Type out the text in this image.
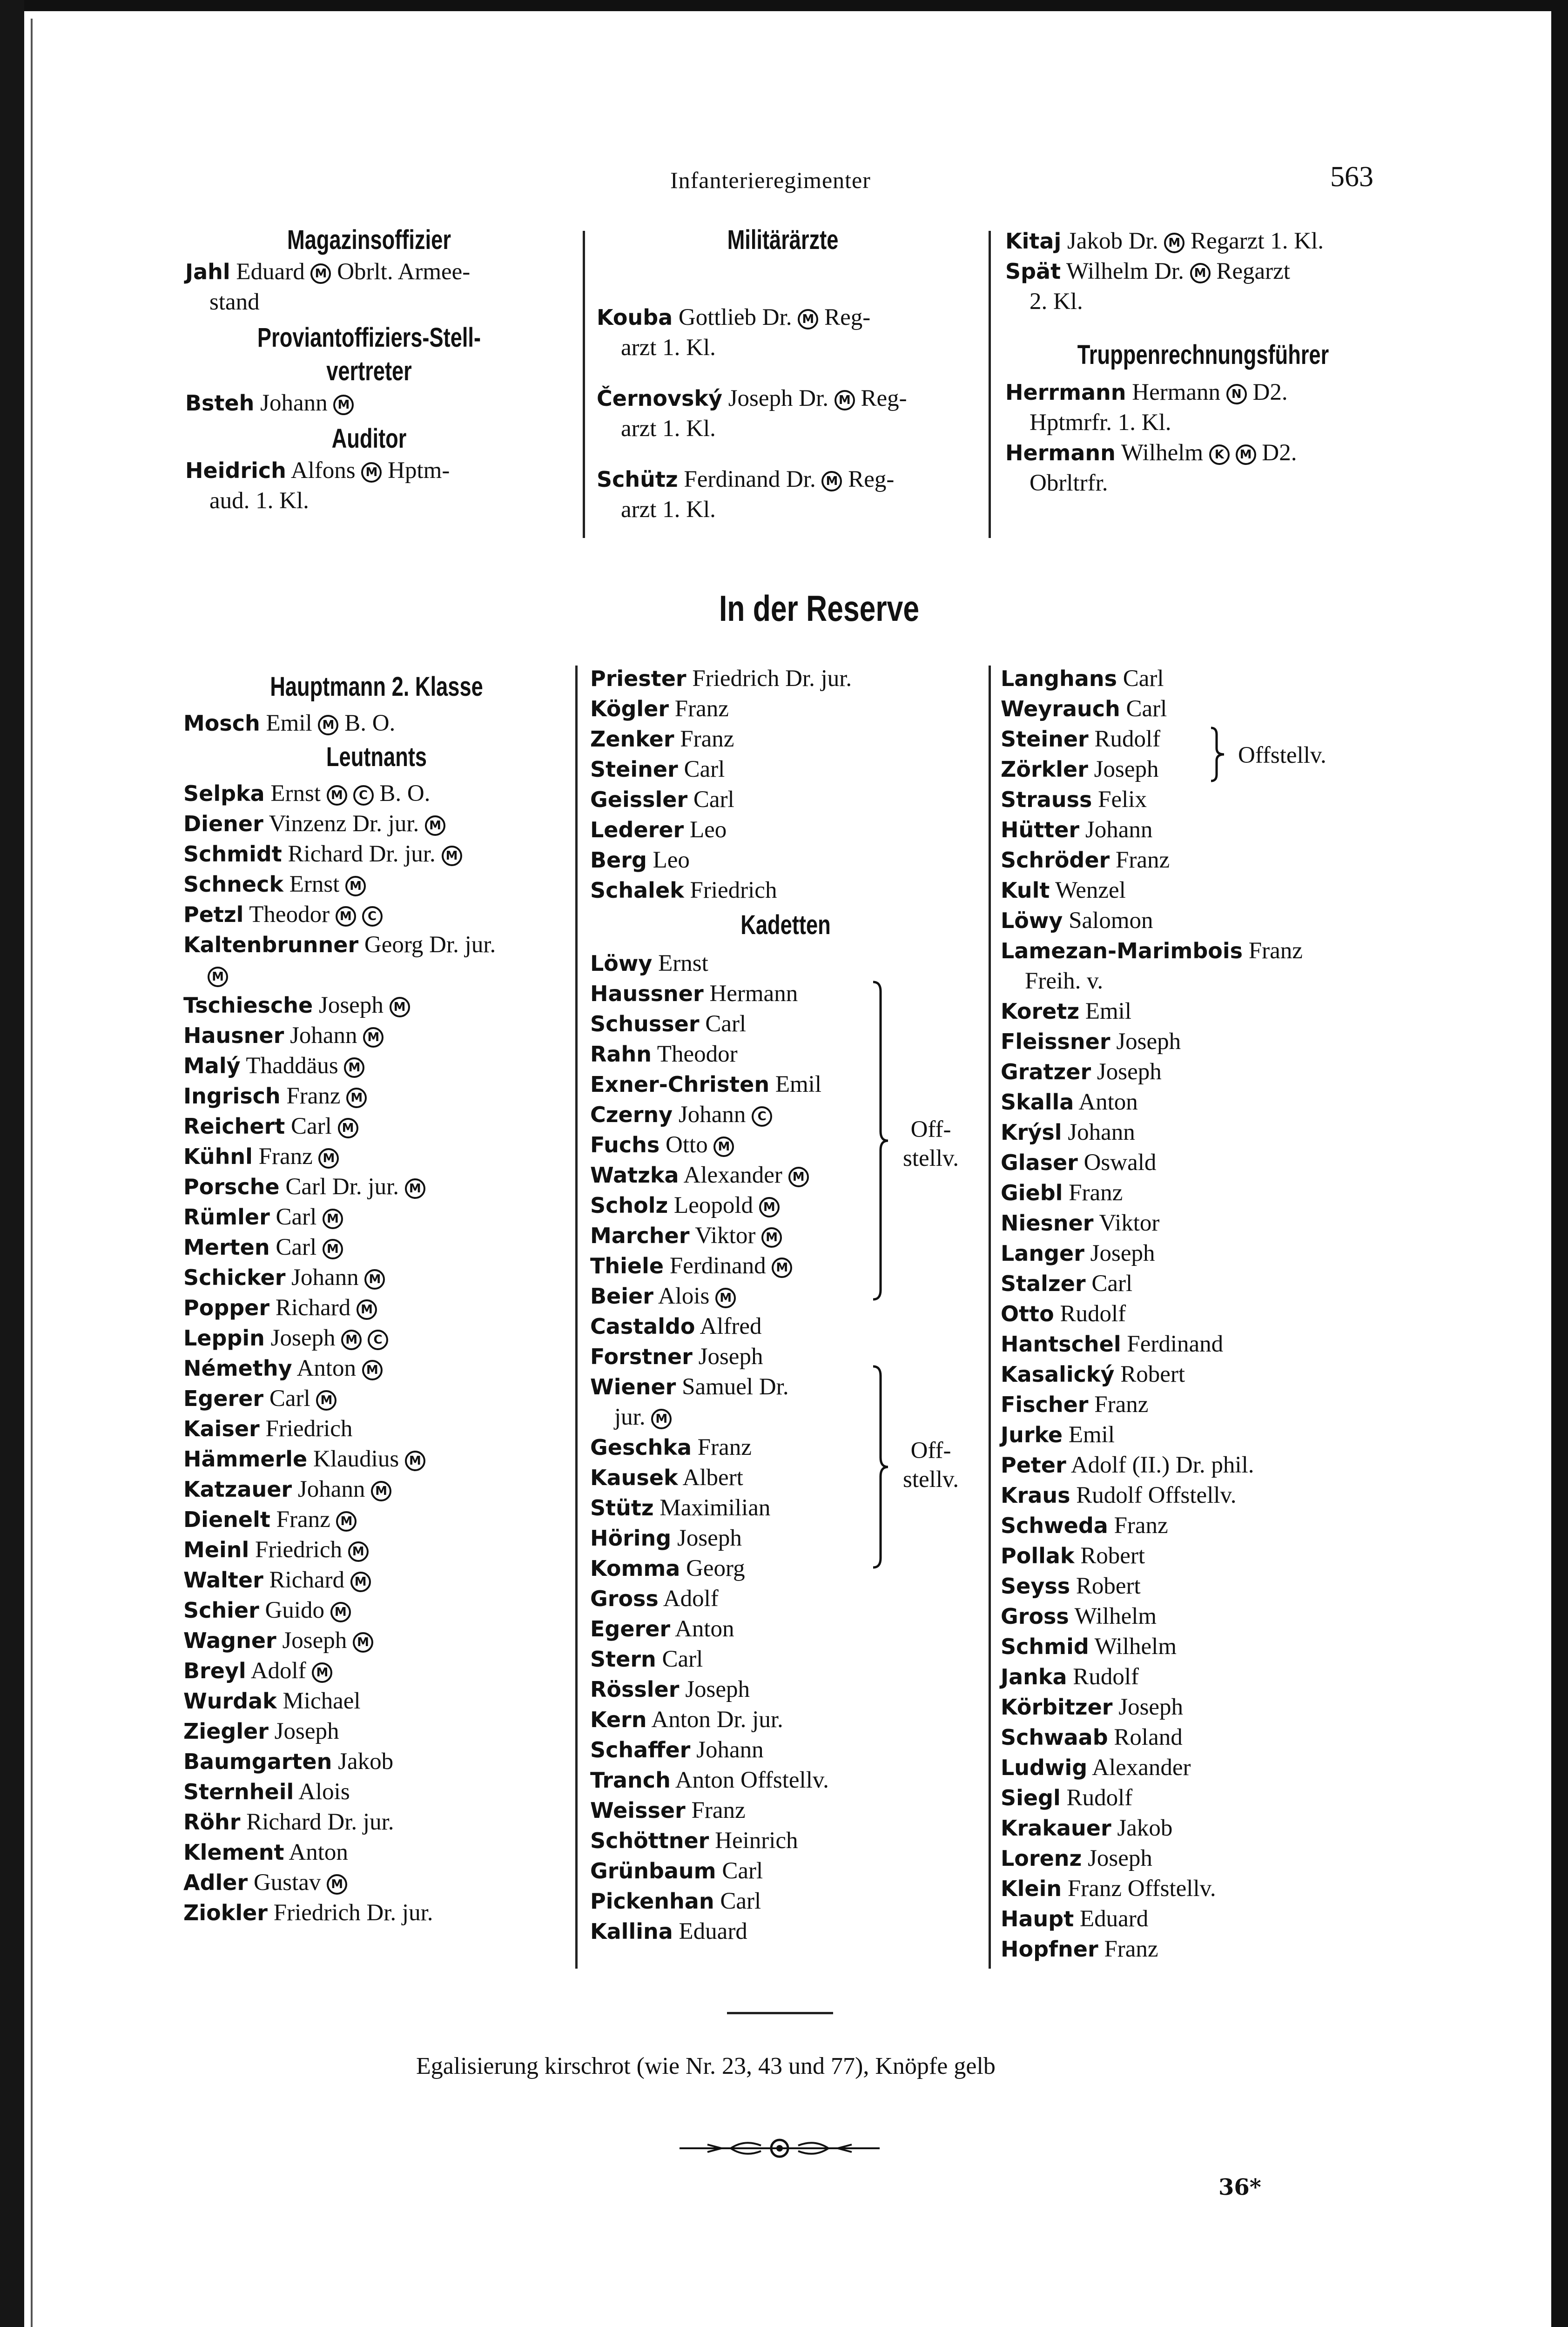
Infanterieregimenter	563
Magazinsoffizier

Jahl Eduard M Obrlt. Armee-

stand

Proviantoffiziers-Stell-
vertreter

Bsteh Johann M

Auditor

Heidrich Alfons M Hptm-

aud. 1. Kl.

Militärärzte

Kouba Gottlieb Dr. M Reg-

arzt 1. Kl.

Černovský Joseph Dr. M Reg-

arzt 1. Kl.

Schütz Ferdinand Dr. M Reg-

arzt 1. Kl.

Kitaj Jakob Dr. M Regarzt 1. Kl.

Spät Wilhelm Dr. M Regarzt

2. Kl.

Truppenrechnungsführer

Herrmann Hermann N D2.

Hptmrfr. 1. Kl.

Hermann Wilhelm K M D2.

Obrltrfr.

In der Reserve
Hauptmann 2. Klasse

Mosch Emil M B. O.

Leutnants

Selpka Ernst M C B. O.

Diener Vinzenz Dr. jur. M

Schmidt Richard Dr. jur. M

Schneck Ernst M

Petzl Theodor M C

Kaltenbrunner Georg Dr. jur.

M

Tschiesche Joseph M

Hausner Johann M

Malý Thaddäus M

Ingrisch Franz M

Reichert Carl M

Kühnl Franz M

Porsche Carl Dr. jur. M

Rümler Carl M

Merten Carl M

Schicker Johann M

Popper Richard M

Leppin Joseph M C

Némethy Anton M

Egerer Carl M

Kaiser Friedrich

Hämmerle Klaudius M

Katzauer Johann M

Dienelt Franz M

Meinl Friedrich M

Walter Richard M

Schier Guido M

Wagner Joseph M

Breyl Adolf M

Wurdak Michael

Ziegler Joseph

Baumgarten Jakob

Sternheil Alois

Röhr Richard Dr. jur.

Klement Anton

Adler Gustav M

Ziokler Friedrich Dr. jur.

Priester Friedrich Dr. jur.

Kögler Franz

Zenker Franz

Steiner Carl

Geissler Carl

Lederer Leo

Berg Leo

Schalek Friedrich

Kadetten

Löwy Ernst

Haussner Hermann

Schusser Carl

Rahn Theodor

Exner-Christen Emil

Czerny Johann C

Fuchs Otto M

Watzka Alexander M

Scholz Leopold M

Marcher Viktor M

Thiele Ferdinand M

Beier Alois M

Castaldo Alfred

Forstner Joseph

Wiener Samuel Dr.

jur. M

Geschka Franz

Kausek Albert

Stütz Maximilian

Höring Joseph

Komma Georg

Gross Adolf

Egerer Anton

Stern Carl

Rössler Joseph

Kern Anton Dr. jur.

Schaffer Johann

Tranch Anton Offstellv.

Weisser Franz

Schöttner Heinrich

Grünbaum Carl

Pickenhan Carl

Kallina Eduard

Off-
stellv.
Off-
stellv.

Langhans Carl

Weyrauch Carl

Steiner Rudolf

Zörkler Joseph

Strauss Felix

Hütter Johann

Schröder Franz

Kult Wenzel

Löwy Salomon

Lamezan-Marimbois Franz

Freih. v.

Koretz Emil

Fleissner Joseph

Gratzer Joseph

Skalla Anton

Krýsl Johann

Glaser Oswald

Giebl Franz

Niesner Viktor

Langer Joseph

Stalzer Carl

Otto Rudolf

Hantschel Ferdinand

Kasalický Robert

Fischer Franz

Jurke Emil

Peter Adolf (II.) Dr. phil.

Kraus Rudolf Offstellv.

Schweda Franz

Pollak Robert

Seyss Robert

Gross Wilhelm

Schmid Wilhelm

Janka Rudolf

Körbitzer Joseph

Schwaab Roland

Ludwig Alexander

Siegl Rudolf

Krakauer Jakob

Lorenz Joseph

Klein Franz Offstellv.

Haupt Eduard

Hopfner Franz

Offstellv.
Egalisierung kirschrot (wie Nr. 23, 43 und 77), Knöpfe gelb
36*
